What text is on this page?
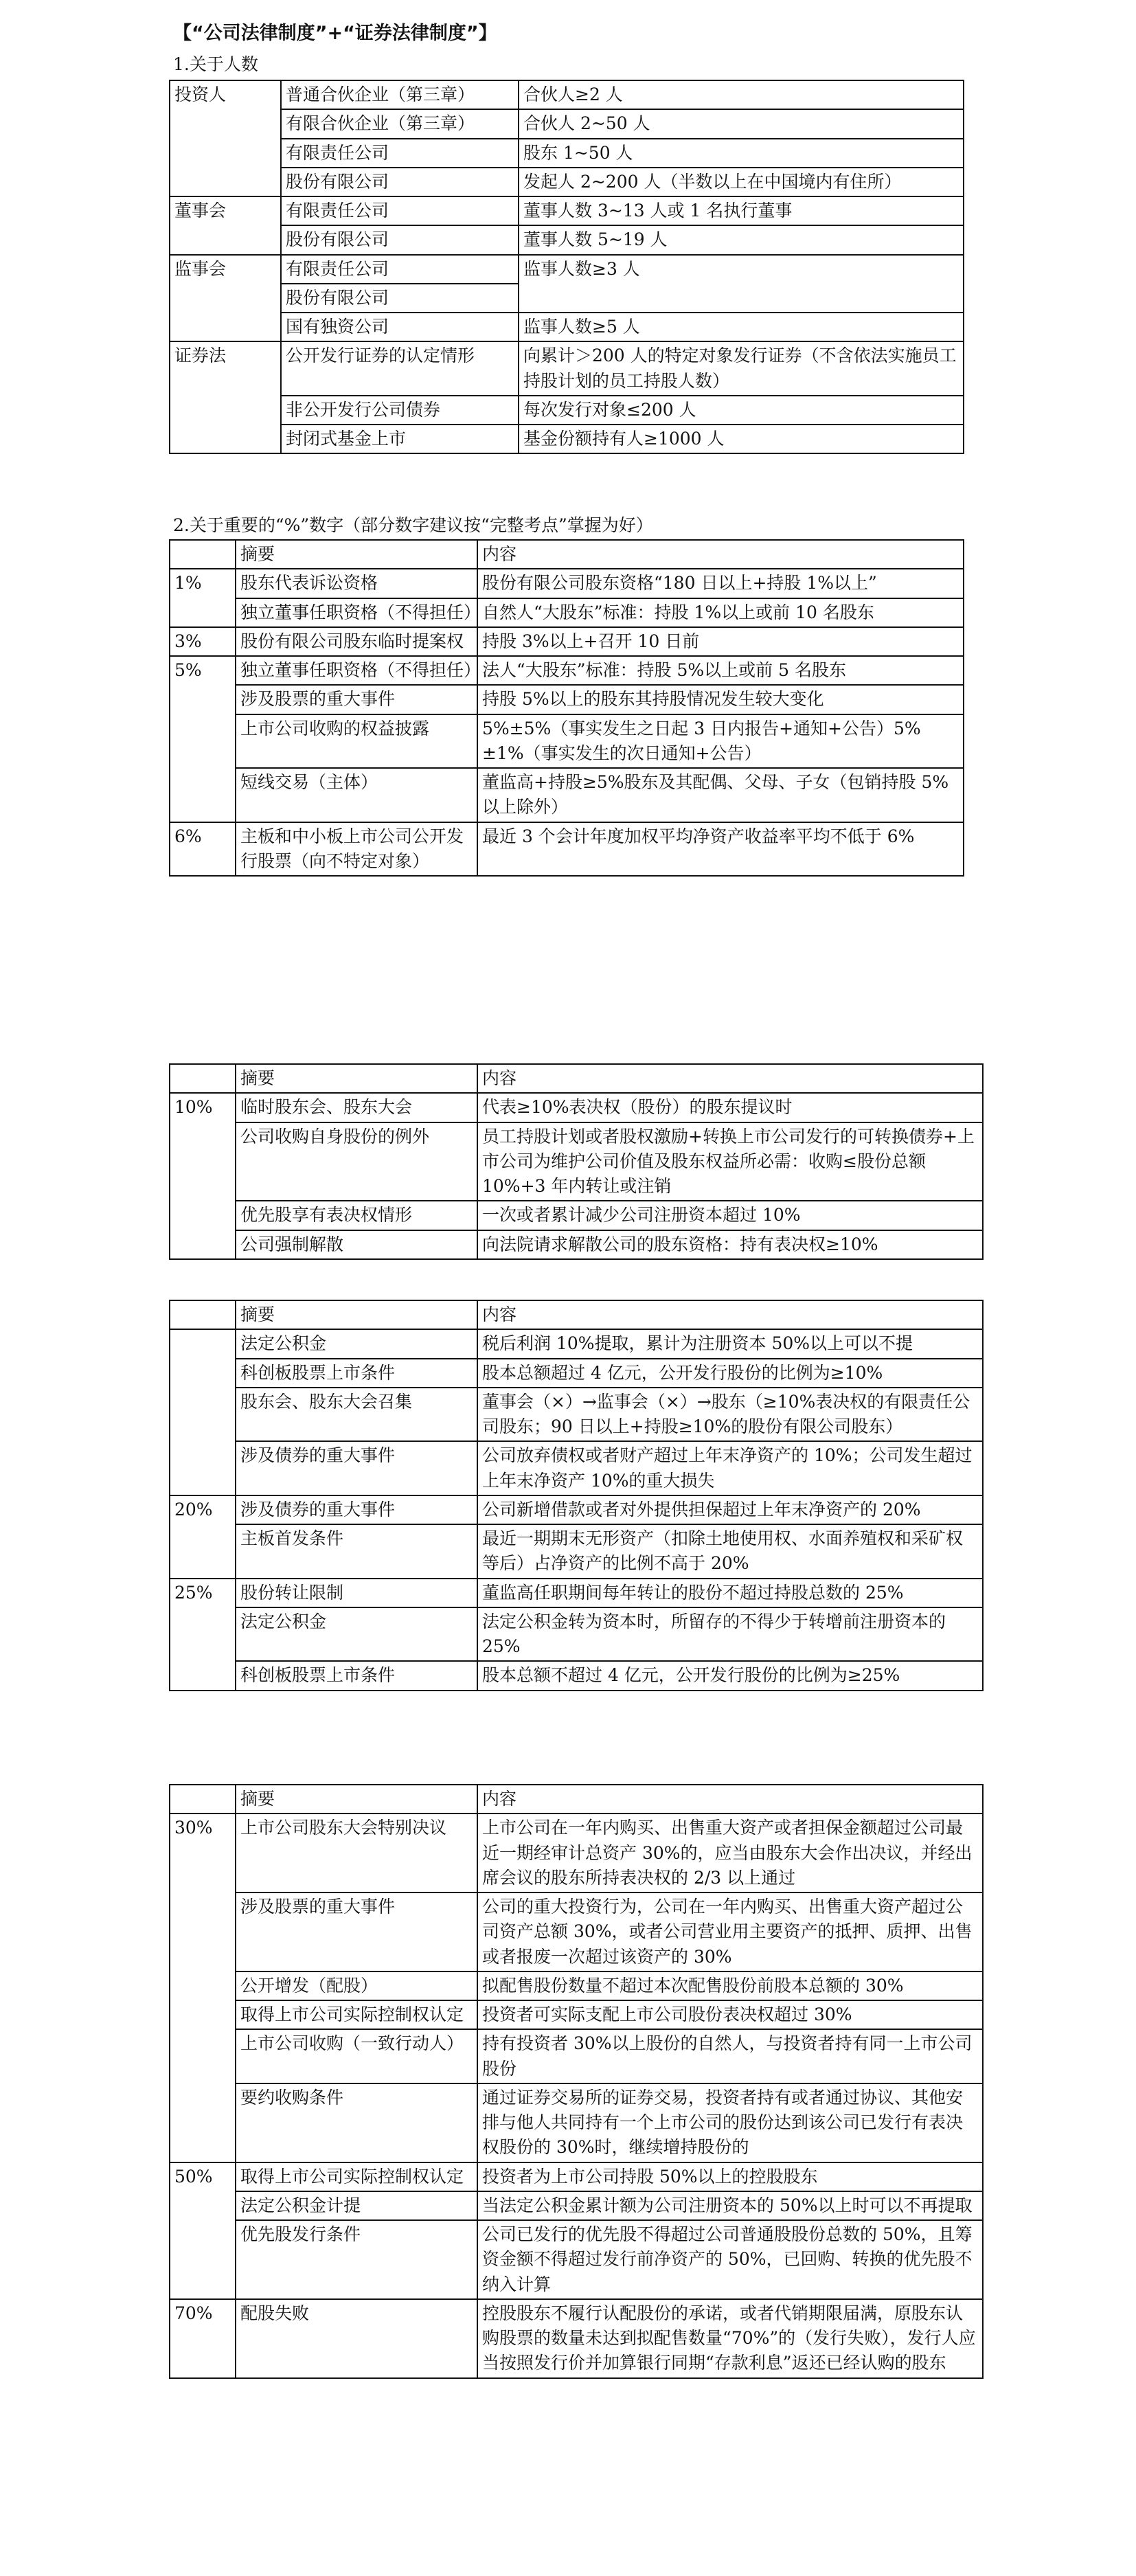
【“公司法律制度”+“证券法律制度”】
1.关于人数
投资人	普通合伙企业（第三章）	合伙人≥2 人
	有限合伙企业（第三章）	合伙人 2~50 人
	有限责任公司	股东 1~50 人
	股份有限公司	发起人 2~200 人（半数以上在中国境内有住所）
董事会	有限责任公司	董事人数 3~13 人或 1 名执行董事
	股份有限公司	董事人数 5~19 人
监事会	有限责任公司	监事人数≥3 人
	股份有限公司	
	国有独资公司	监事人数≥5 人
证券法	公开发行证券的认定情形	向累计＞200 人的特定对象发行证券（不含依法实施员工持股计划的员工持股人数）
	非公开发行公司债券	每次发行对象≤200 人
	封闭式基金上市	基金份额持有人≥1000 人
2.关于重要的“%”数字（部分数字建议按“完整考点”掌握为好）
	摘要	内容
1%	股东代表诉讼资格	股份有限公司股东资格“180 日以上+持股 1%以上”
	独立董事任职资格（不得担任）	自然人“大股东”标准：持股 1%以上或前 10 名股东
3%	股份有限公司股东临时提案权	持股 3%以上+召开 10 日前
5%	独立董事任职资格（不得担任）	法人“大股东”标准：持股 5%以上或前 5 名股东
	涉及股票的重大事件	持股 5%以上的股东其持股情况发生较大变化
	上市公司收购的权益披露	5%±5%（事实发生之日起 3 日内报告+通知+公告）5%±1%（事实发生的次日通知+公告）
	短线交易（主体）	董监高+持股≥5%股东及其配偶、父母、子女（包销持股 5%以上除外）
6%	主板和中小板上市公司公开发行股票（向不特定对象）	最近 3 个会计年度加权平均净资产收益率平均不低于 6%
	摘要	内容
10%	临时股东会、股东大会	代表≥10%表决权（股份）的股东提议时
	公司收购自身股份的例外	员工持股计划或者股权激励+转换上市公司发行的可转换债券+上市公司为维护公司价值及股东权益所必需：收购≤股份总额 10%+3 年内转让或注销
	优先股享有表决权情形	一次或者累计减少公司注册资本超过 10%
	公司强制解散	向法院请求解散公司的股东资格：持有表决权≥10%
	摘要	内容
	法定公积金	税后利润 10%提取，累计为注册资本 50%以上可以不提
	科创板股票上市条件	股本总额超过 4 亿元，公开发行股份的比例为≥10%
	股东会、股东大会召集	董事会（×）→监事会（×）→股东（≥10%表决权的有限责任公司股东；90 日以上+持股≥10%的股份有限公司股东）
	涉及债券的重大事件	公司放弃债权或者财产超过上年末净资产的 10%；公司发生超过上年末净资产 10%的重大损失
20%	涉及债券的重大事件	公司新增借款或者对外提供担保超过上年末净资产的 20%
	主板首发条件	最近一期期末无形资产（扣除土地使用权、水面养殖权和采矿权等后）占净资产的比例不高于 20%
25%	股份转让限制	董监高任职期间每年转让的股份不超过持股总数的 25%
	法定公积金	法定公积金转为资本时，所留存的不得少于转增前注册资本的 25%
	科创板股票上市条件	股本总额不超过 4 亿元，公开发行股份的比例为≥25%
	摘要	内容
30%	上市公司股东大会特别决议	上市公司在一年内购买、出售重大资产或者担保金额超过公司最近一期经审计总资产 30%的，应当由股东大会作出决议，并经出席会议的股东所持表决权的 2/3 以上通过
	涉及股票的重大事件	公司的重大投资行为，公司在一年内购买、出售重大资产超过公司资产总额 30%，或者公司营业用主要资产的抵押、质押、出售或者报废一次超过该资产的 30%
	公开增发（配股）	拟配售股份数量不超过本次配售股份前股本总额的 30%
	取得上市公司实际控制权认定	投资者可实际支配上市公司股份表决权超过 30%
	上市公司收购（一致行动人）	持有投资者 30%以上股份的自然人，与投资者持有同一上市公司股份
	要约收购条件	通过证券交易所的证券交易，投资者持有或者通过协议、其他安排与他人共同持有一个上市公司的股份达到该公司已发行有表决权股份的 30%时，继续增持股份的
50%	取得上市公司实际控制权认定	投资者为上市公司持股 50%以上的控股股东
	法定公积金计提	当法定公积金累计额为公司注册资本的 50%以上时可以不再提取
	优先股发行条件	公司已发行的优先股不得超过公司普通股股份总数的 50%，且筹资金额不得超过发行前净资产的 50%，已回购、转换的优先股不纳入计算
70%	配股失败	控股股东不履行认配股份的承诺，或者代销期限届满，原股东认购股票的数量未达到拟配售数量“70%”的（发行失败），发行人应当按照发行价并加算银行同期“存款利息”返还已经认购的股东
